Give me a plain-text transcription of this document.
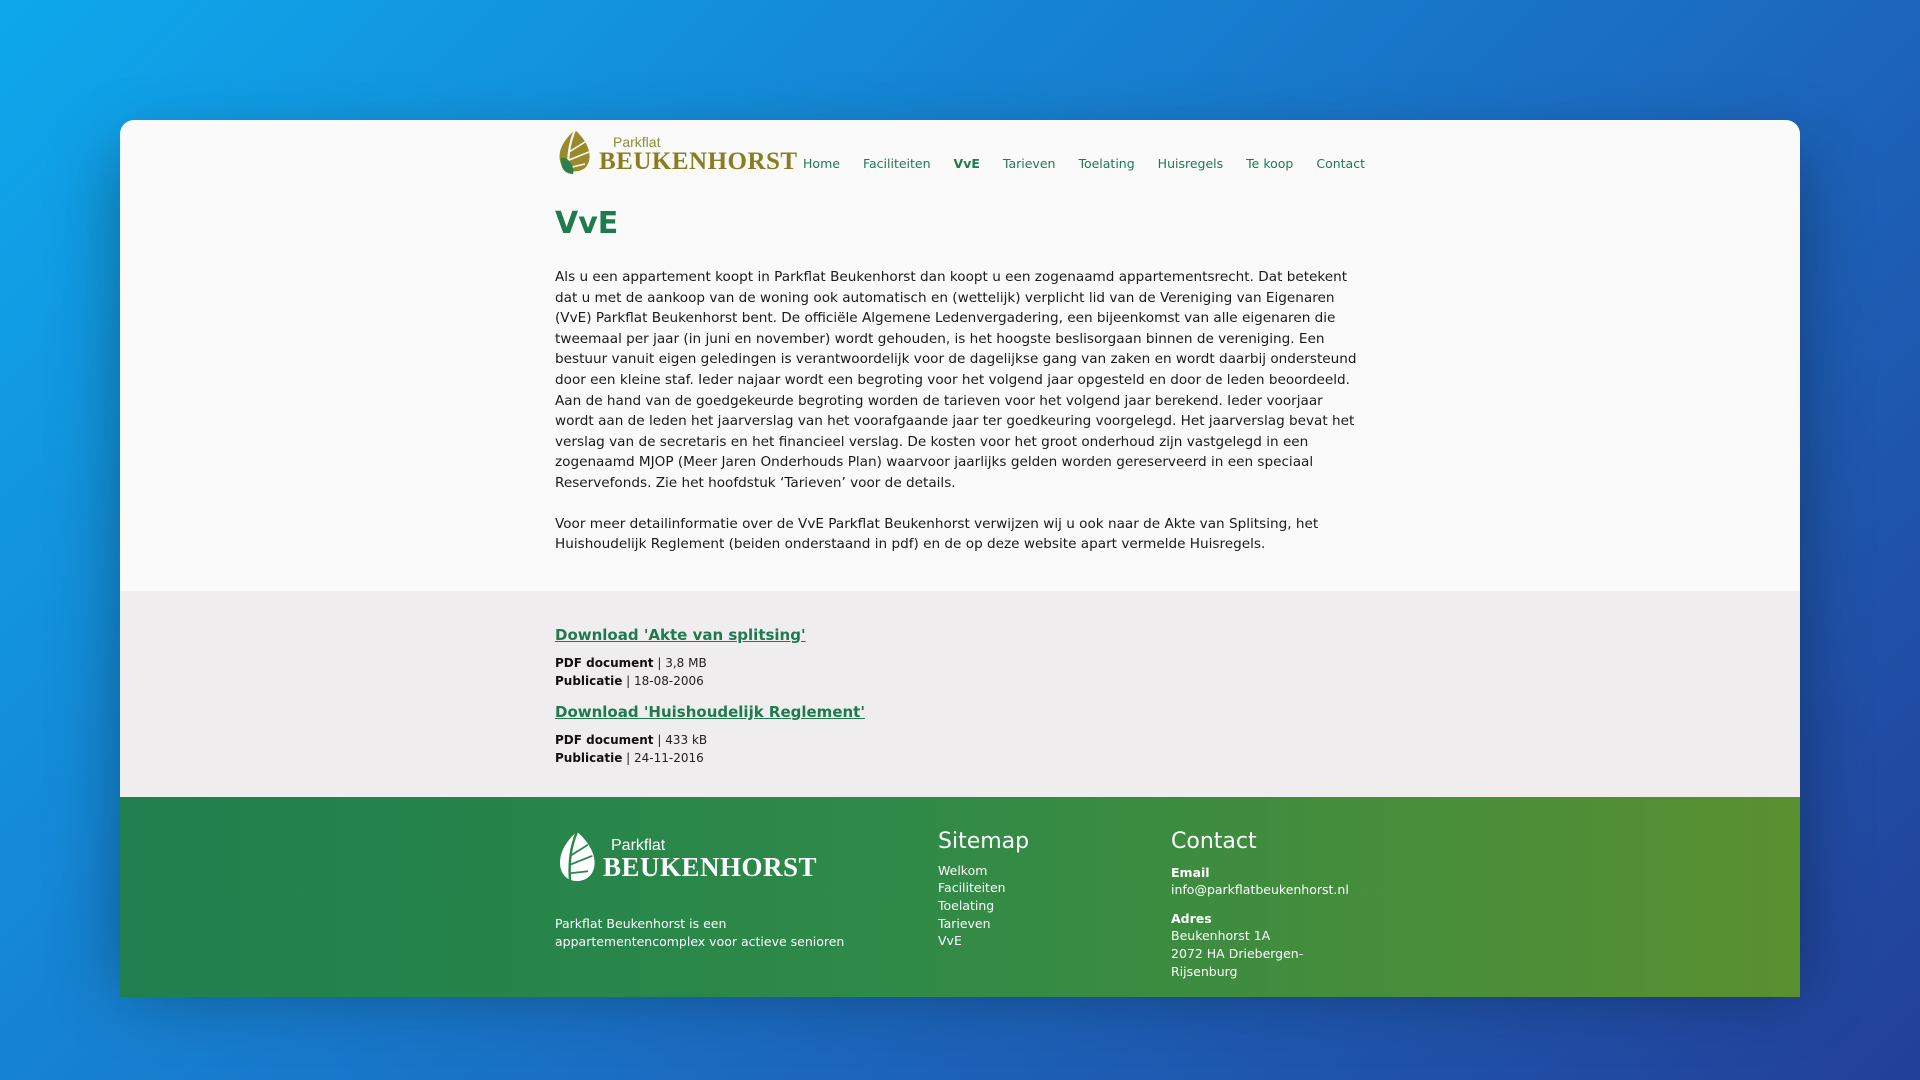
Parkflat
BEUKENHORST Home Faciliteiten VvE Tarieven Toelating Huisregels Te koop Contact
VvE

Als u een appartement koopt in Parkflat Beukenhorst dan koopt u een zogenaamd appartementsrecht. Dat betekent dat u met de aankoop van de woning ook automatisch en (wettelijk) verplicht lid van de Vereniging van Eigenaren (VvE) Parkflat Beukenhorst bent. De officiële Algemene Ledenvergadering, een bijeenkomst van alle eigenaren die tweemaal per jaar (in juni en november) wordt gehouden, is het hoogste beslisorgaan binnen de vereniging. Een bestuur vanuit eigen geledingen is verantwoordelijk voor de dagelijkse gang van zaken en wordt daarbij ondersteund door een kleine staf. Ieder najaar wordt een begroting voor het volgend jaar opgesteld en door de leden beoordeeld. Aan de hand van de goedgekeurde begroting worden de tarieven voor het volgend jaar berekend. Ieder voorjaar wordt aan de leden het jaarverslag van het voorafgaande jaar ter goedkeuring voorgelegd. Het jaarverslag bevat het verslag van de secretaris en het financieel verslag. De kosten voor het groot onderhoud zijn vastgelegd in een zogenaamd MJOP (Meer Jaren Onderhouds Plan) waarvoor jaarlijks gelden worden gereserveerd in een speciaal Reservefonds. Zie het hoofdstuk ‘Tarieven’ voor de details.

Voor meer detailinformatie over de VvE Parkflat Beukenhorst verwijzen wij u ook naar de Akte van Splitsing, het Huishoudelijk Reglement (beiden onderstaand in pdf) en de op deze website apart vermelde Huisregels.

Download 'Akte van splitsing'
PDF document | 3,8 MB
Publicatie | 18-08-2006
Download 'Huishoudelijk Reglement'
PDF document | 433 kB
Publicatie | 24-11-2016
Parkflat
BEUKENHORST

Parkflat Beukenhorst is een appartementencomplex voor actieve senioren

Sitemap
Welkom
Faciliteiten
Toelating
Tarieven
VvE
Contact
Email
info@parkflatbeukenhorst.nl
Adres
Beukenhorst 1A
2072 HA Driebergen-Rijsenburg
